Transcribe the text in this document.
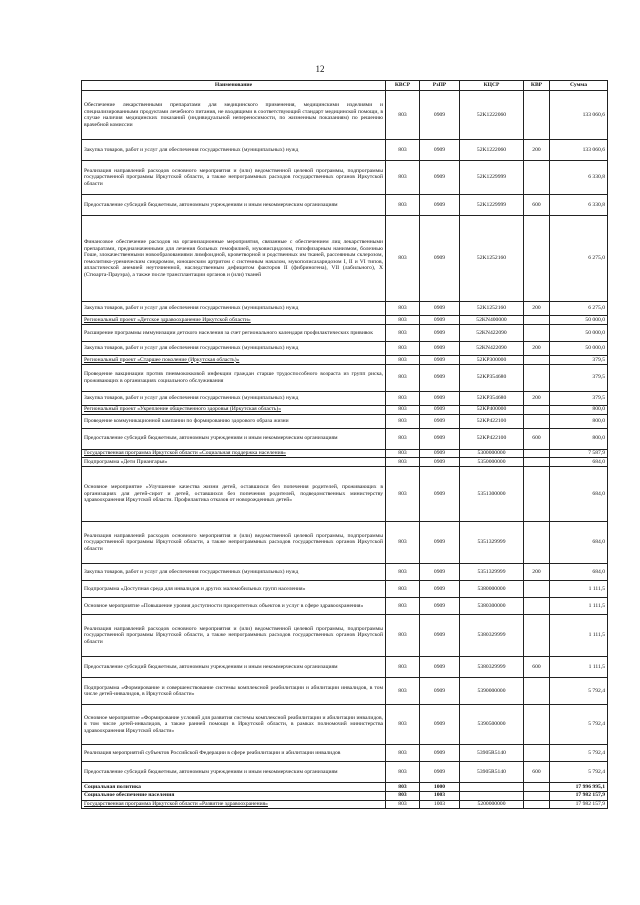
12
Наименование	КВСР	РзПР	КЦСР	КВР	Сумма
Обеспечение лекарственными препаратами для медицинского применения, медицинскими изделиями и специализированными продуктами лечебного питания, не входящими в соответствующий стандарт медицинской помощи, в случае наличия медицинских показаний (индивидуальной непереносимости, по жизненным показаниям) по решению врачебной комиссии	803	0909	52K1222060		133 060,6
Закупка товаров, работ и услуг для обеспечения государственных (муниципальных) нужд	803	0909	52K1222060	200	133 060,6
Реализация направлений расходов основного мероприятия и (или) ведомственной целевой программы, подпрограммы государственной программы Иркутской области, а также непрограммных расходов государственных органов Иркутской области	803	0909	52K1229999		6 330,8
Предоставление субсидий бюджетным, автономным учреждениям и иным некоммерческим организациям	803	0909	52K1229999	600	6 330,8
Финансовое обеспечение расходов на организационные мероприятия, связанные с обеспечением лиц лекарственными препаратами, предназначенными для лечения больных гемофилией, муковисцидозом, гипофизарным нанизмом, болезнью Гоше, злокачественными новообразованиями лимфоидной, кроветворной и родственных им тканей, рассеянным склерозом, гемолитико-уремическим синдромом, юношеским артритом с системным началом, мукополисахаридозом I, II и VI типов, апластической анемией неуточненной, наследственным дефицитом факторов II (фибриногена), VII (лабильного), X (Стюарта-Прауэра), а также после трансплантации органов и (или) тканей	803	0909	52K1252160		6 275,0
Закупка товаров, работ и услуг для обеспечения государственных (муниципальных) нужд	803	0909	52K1252160	200	6 275,0
Региональный проект «Детское здравоохранение Иркутской области»	803	0909	52KN400000		50 000,0
Расширение программы иммунизации детского населения за счет регионального календаря профилактических прививок	803	0909	52KN422090		50 000,0
Закупка товаров, работ и услуг для обеспечения государственных (муниципальных) нужд	803	0909	52KN422090	200	50 000,0
Региональный проект «Старшее поколение (Иркутская область)»	803	0909	52KP300000		379,5
Проведение вакцинации против пневмококковой инфекции граждан старше трудоспособного возраста из групп риска, проживающих в организациях социального обслуживания	803	0909	52KP354680		379,5
Закупка товаров, работ и услуг для обеспечения государственных (муниципальных) нужд	803	0909	52KP354680	200	379,5
Региональный проект «Укрепление общественного здоровья (Иркутская область)»	803	0909	52KP400000		800,0
Проведение коммуникационной кампании по формированию здорового образа жизни	803	0909	52KP422100		800,0
Предоставление субсидий бюджетным, автономным учреждениям и иным некоммерческим организациям	803	0909	52KP422100	600	800,0
Государственная программа Иркутской области «Социальная поддержка населения»	803	0909	5300000000		7 587,9
Подпрограмма «Дети Приангарья»	803	0909	5350000000		684,0
Основное мероприятие «Улучшение качества жизни детей, оставшихся без попечения родителей, проживающих в организациях для детей-сирот и детей, оставшихся без попечения родителей, подведомственных министерству здравоохранения Иркутской области. Профилактика отказов от новорожденных детей»	803	0909	5351300000		684,0
Реализация направлений расходов основного мероприятия и (или) ведомственной целевой программы, подпрограммы государственной программы Иркутской области, а также непрограммных расходов государственных органов Иркутской области	803	0909	5351329999		684,0
Закупка товаров, работ и услуг для обеспечения государственных (муниципальных) нужд	803	0909	5351329999	200	684,0
Подпрограмма «Доступная среда для инвалидов и других маломобильных групп населения»	803	0909	5380000000		1 111,5
Основное мероприятие «Повышение уровня доступности приоритетных объектов и услуг в сфере здравоохранения»	803	0909	5380300000		1 111,5
Реализация направлений расходов основного мероприятия и (или) ведомственной целевой программы, подпрограммы государственной программы Иркутской области, а также непрограммных расходов государственных органов Иркутской области	803	0909	5380329999		1 111,5
Предоставление субсидий бюджетным, автономным учреждениям и иным некоммерческим организациям	803	0909	5380329999	600	1 111,5
Подпрограмма «Формирование и совершенствование системы комплексной реабилитации и абилитации инвалидов, в том числе детей-инвалидов, в Иркутской области»	803	0909	5390000000		5 792,4
Основное мероприятие «Формирование условий для развития системы комплексной реабилитации и абилитации инвалидов, в том числе детей-инвалидов, а также ранней помощи в Иркутской области, в рамках полномочий министерства здравоохранения Иркутской области»	803	0909	5390500000		5 792,4
Реализация мероприятий субъектов Российской Федерации в сфере реабилитации и абилитации инвалидов	803	0909	53905R5140		5 792,4
Предоставление субсидий бюджетным, автономным учреждениям и иным некоммерческим организациям	803	0909	53905R5140	600	5 792,4
Социальная политика	803	1000			17 996 995,1
Социальное обеспечение населения	803	1003			17 982 157,9
Государственная программа Иркутской области «Развитие здравоохранения»	803	1003	5200000000		17 982 157,9
